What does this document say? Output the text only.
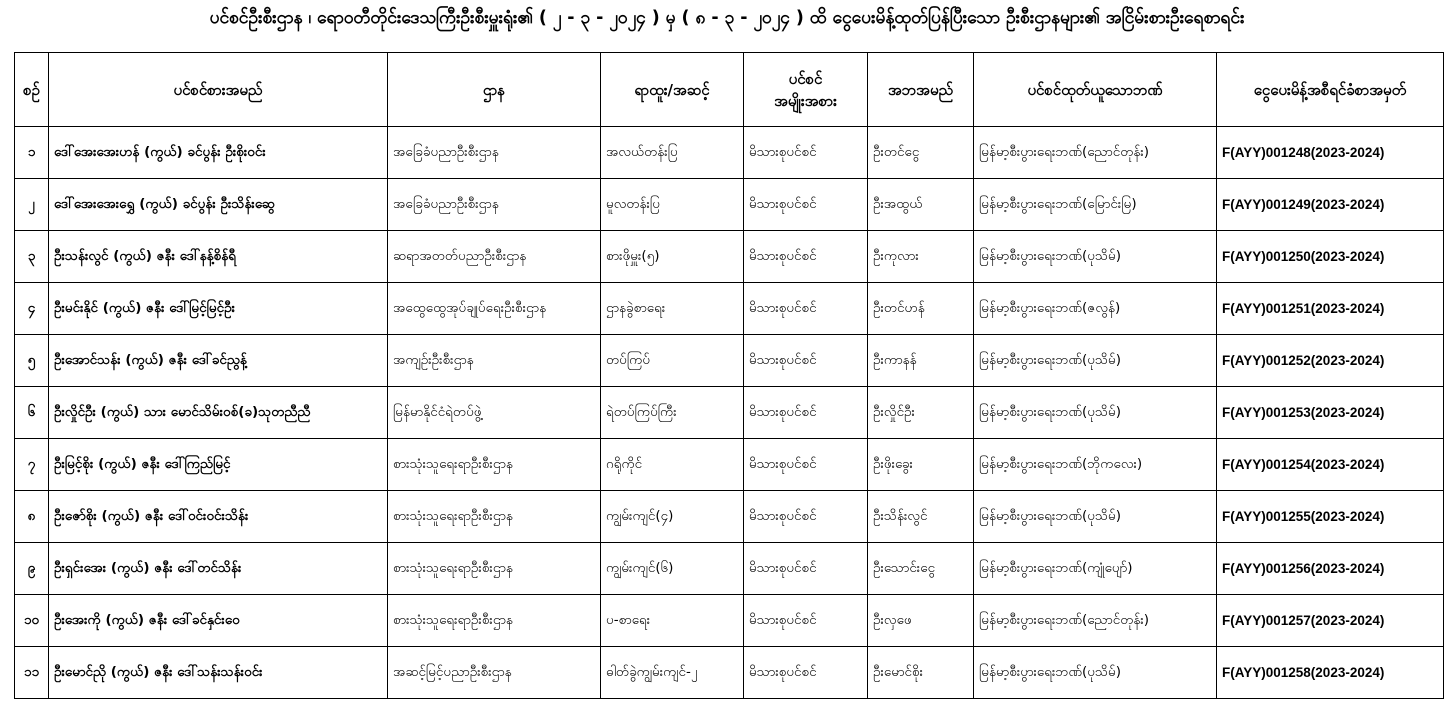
ပင်စင်ဦးစီးဌာန ၊ ရောဝတီတိုင်းဒေသကြီးဦးစီးမှူးရုံး၏ ( ၂ - ၃ - ၂၀၂၄ ) မှ ( ၈ - ၃ - ၂၀၂၄ ) ထိ ငွေပေးမိန့်ထုတ်ပြန်ပြီးသော ဦးစီးဌာနများ၏ အငြိမ်းစားဦးရေစာရင်း
စဉ်	ပင်စင်စားအမည်	ဌာန	ရာထူး/အဆင့်	ပင်စင်
အမျိုးအစား	အဘအမည်	ပင်စင်ထုတ်ယူသောဘဏ်	ငွေပေးမိန့်အစီရင်ခံစာအမှတ်
၁	ဒေါ်အေးအေးဟန် (ကွယ်) ခင်ပွန်း ဦးစိုးဝင်း	အခြေခံပညာဦးစီးဌာန	အလယ်တန်းပြ	မိသားစုပင်စင်	ဦးတင်ငွေ	မြန်မာ့စီးပွားရေးဘဏ်(ညောင်တုန်း)	F(AYY)001248(2023-2024)
၂	ဒေါ်အေးအေးရွှေ (ကွယ်) ခင်ပွန်း ဦးသိန်းဆွေ	အခြေခံပညာဦးစီးဌာန	မူလတန်းပြ	မိသားစုပင်စင်	ဦးအထွယ်	မြန်မာ့စီးပွားရေးဘဏ်(မြောင်းမြ)	F(AYY)001249(2023-2024)
၃	ဦးသန်းလွင် (ကွယ်) ဇနီး ဒေါ်နန့်စိန်ရီ	ဆရာအတတ်ပညာဦးစီးဌာန	စားဖိုမှူး(၅)	မိသားစုပင်စင်	ဦးကုလား	မြန်မာ့စီးပွားရေးဘဏ်(ပုသိမ်)	F(AYY)001250(2023-2024)
၄	ဦးမင်းနိုင် (ကွယ်) ဇနီး ဒေါ်မြင့်မြင့်ဦး	အထွေထွေအုပ်ချုပ်ရေးဦးစီးဌာန	ဌာနခွဲစာရေး	မိသားစုပင်စင်	ဦးတင်ဟန်	မြန်မာ့စီးပွားရေးဘဏ်(ဇလွန်)	F(AYY)001251(2023-2024)
၅	ဦးအောင်သန်း (ကွယ်) ဇနီး ဒေါ်ခင်ညွန့်	အကျဉ်းဦးစီးဌာန	တပ်ကြပ်	မိသားစုပင်စင်	ဦးကာနန်	မြန်မာ့စီးပွားရေးဘဏ်(ပုသိမ်)	F(AYY)001252(2023-2024)
၆	ဦးလှိုင်ဦး (ကွယ်) သား မောင်သိမ်းဝစ်(ခ)သုတညီညီ	မြန်မာနိုင်ငံရဲတပ်ဖွဲ့	ရဲတပ်ကြပ်ကြီး	မိသားစုပင်စင်	ဦးလှိုင်ဦး	မြန်မာ့စီးပွားရေးဘဏ်(ပုသိမ်)	F(AYY)001253(2023-2024)
၇	ဦးမြင့်စိုး (ကွယ်) ဇနီး ဒေါ်ကြည်မြင့်	စားသုံးသူရေးရာဦးစီးဌာန	ဂရိုကိုင်	မိသားစုပင်စင်	ဦးဖိုးခွေး	မြန်မာ့စီးပွားရေးဘဏ်(ဘိုကလေး)	F(AYY)001254(2023-2024)
၈	ဦးဇော်စိုး (ကွယ်) ဇနီး ဒေါ်ဝင်းဝင်းသိန်း	စားသုံးသူရေးရာဦးစီးဌာန	ကျွမ်းကျင်(၄)	မိသားစုပင်စင်	ဦးသိန်းလွင်	မြန်မာ့စီးပွားရေးဘဏ်(ပုသိမ်)	F(AYY)001255(2023-2024)
၉	ဦးရှင်းအေး (ကွယ်) ဇနီး ဒေါ်တင်သိန်း	စားသုံးသူရေးရာဦးစီးဌာန	ကျွမ်းကျင်(၆)	မိသားစုပင်စင်	ဦးသောင်းငွေ	မြန်မာ့စီးပွားရေးဘဏ်(ကျုံပျော်)	F(AYY)001256(2023-2024)
၁၀	ဦးအေးကို (ကွယ်) ဇနီး ဒေါ်ခင်နှင်းဝေ	စားသုံးသူရေးရာဦးစီးဌာန	ပ-စာရေး	မိသားစုပင်စင်	ဦးလှဖေ	မြန်မာ့စီးပွားရေးဘဏ်(ညောင်တုန်း)	F(AYY)001257(2023-2024)
၁၁	ဦးမောင်ညို (ကွယ်) ဇနီး ဒေါ်သန်းသန်းဝင်း	အဆင့်မြင့်ပညာဦးစီးဌာန	ဓါတ်ခွဲကျွမ်းကျင်-၂	မိသားစုပင်စင်	ဦးမောင်စိုး	မြန်မာ့စီးပွားရေးဘဏ်(ပုသိမ်)	F(AYY)001258(2023-2024)
